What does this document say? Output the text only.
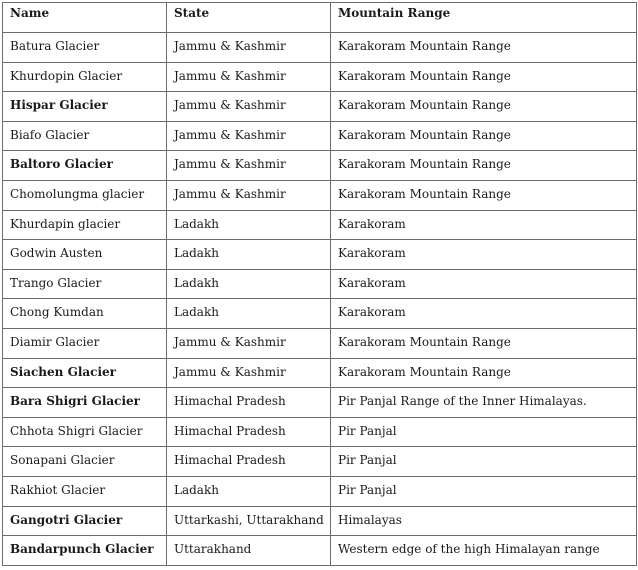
Name	State	Mountain Range
Batura Glacier	Jammu & Kashmir	Karakoram Mountain Range
Khurdopin Glacier	Jammu & Kashmir	Karakoram Mountain Range
Hispar Glacier	Jammu & Kashmir	Karakoram Mountain Range
Biafo Glacier	Jammu & Kashmir	Karakoram Mountain Range
Baltoro Glacier	Jammu & Kashmir	Karakoram Mountain Range
Chomolungma glacier	Jammu & Kashmir	Karakoram Mountain Range
Khurdapin glacier	Ladakh	Karakoram
Godwin Austen	Ladakh	Karakoram
Trango Glacier	Ladakh	Karakoram
Chong Kumdan	Ladakh	Karakoram
Diamir Glacier	Jammu & Kashmir	Karakoram Mountain Range
Siachen Glacier	Jammu & Kashmir	Karakoram Mountain Range
Bara Shigri Glacier	Himachal Pradesh	Pir Panjal Range of the Inner Himalayas.
Chhota Shigri Glacier	Himachal Pradesh	Pir Panjal
Sonapani Glacier	Himachal Pradesh	Pir Panjal
Rakhiot Glacier	Ladakh	Pir Panjal
Gangotri Glacier	Uttarkashi, Uttarakhand	Himalayas
Bandarpunch Glacier	Uttarakhand	Western edge of the high Himalayan range
